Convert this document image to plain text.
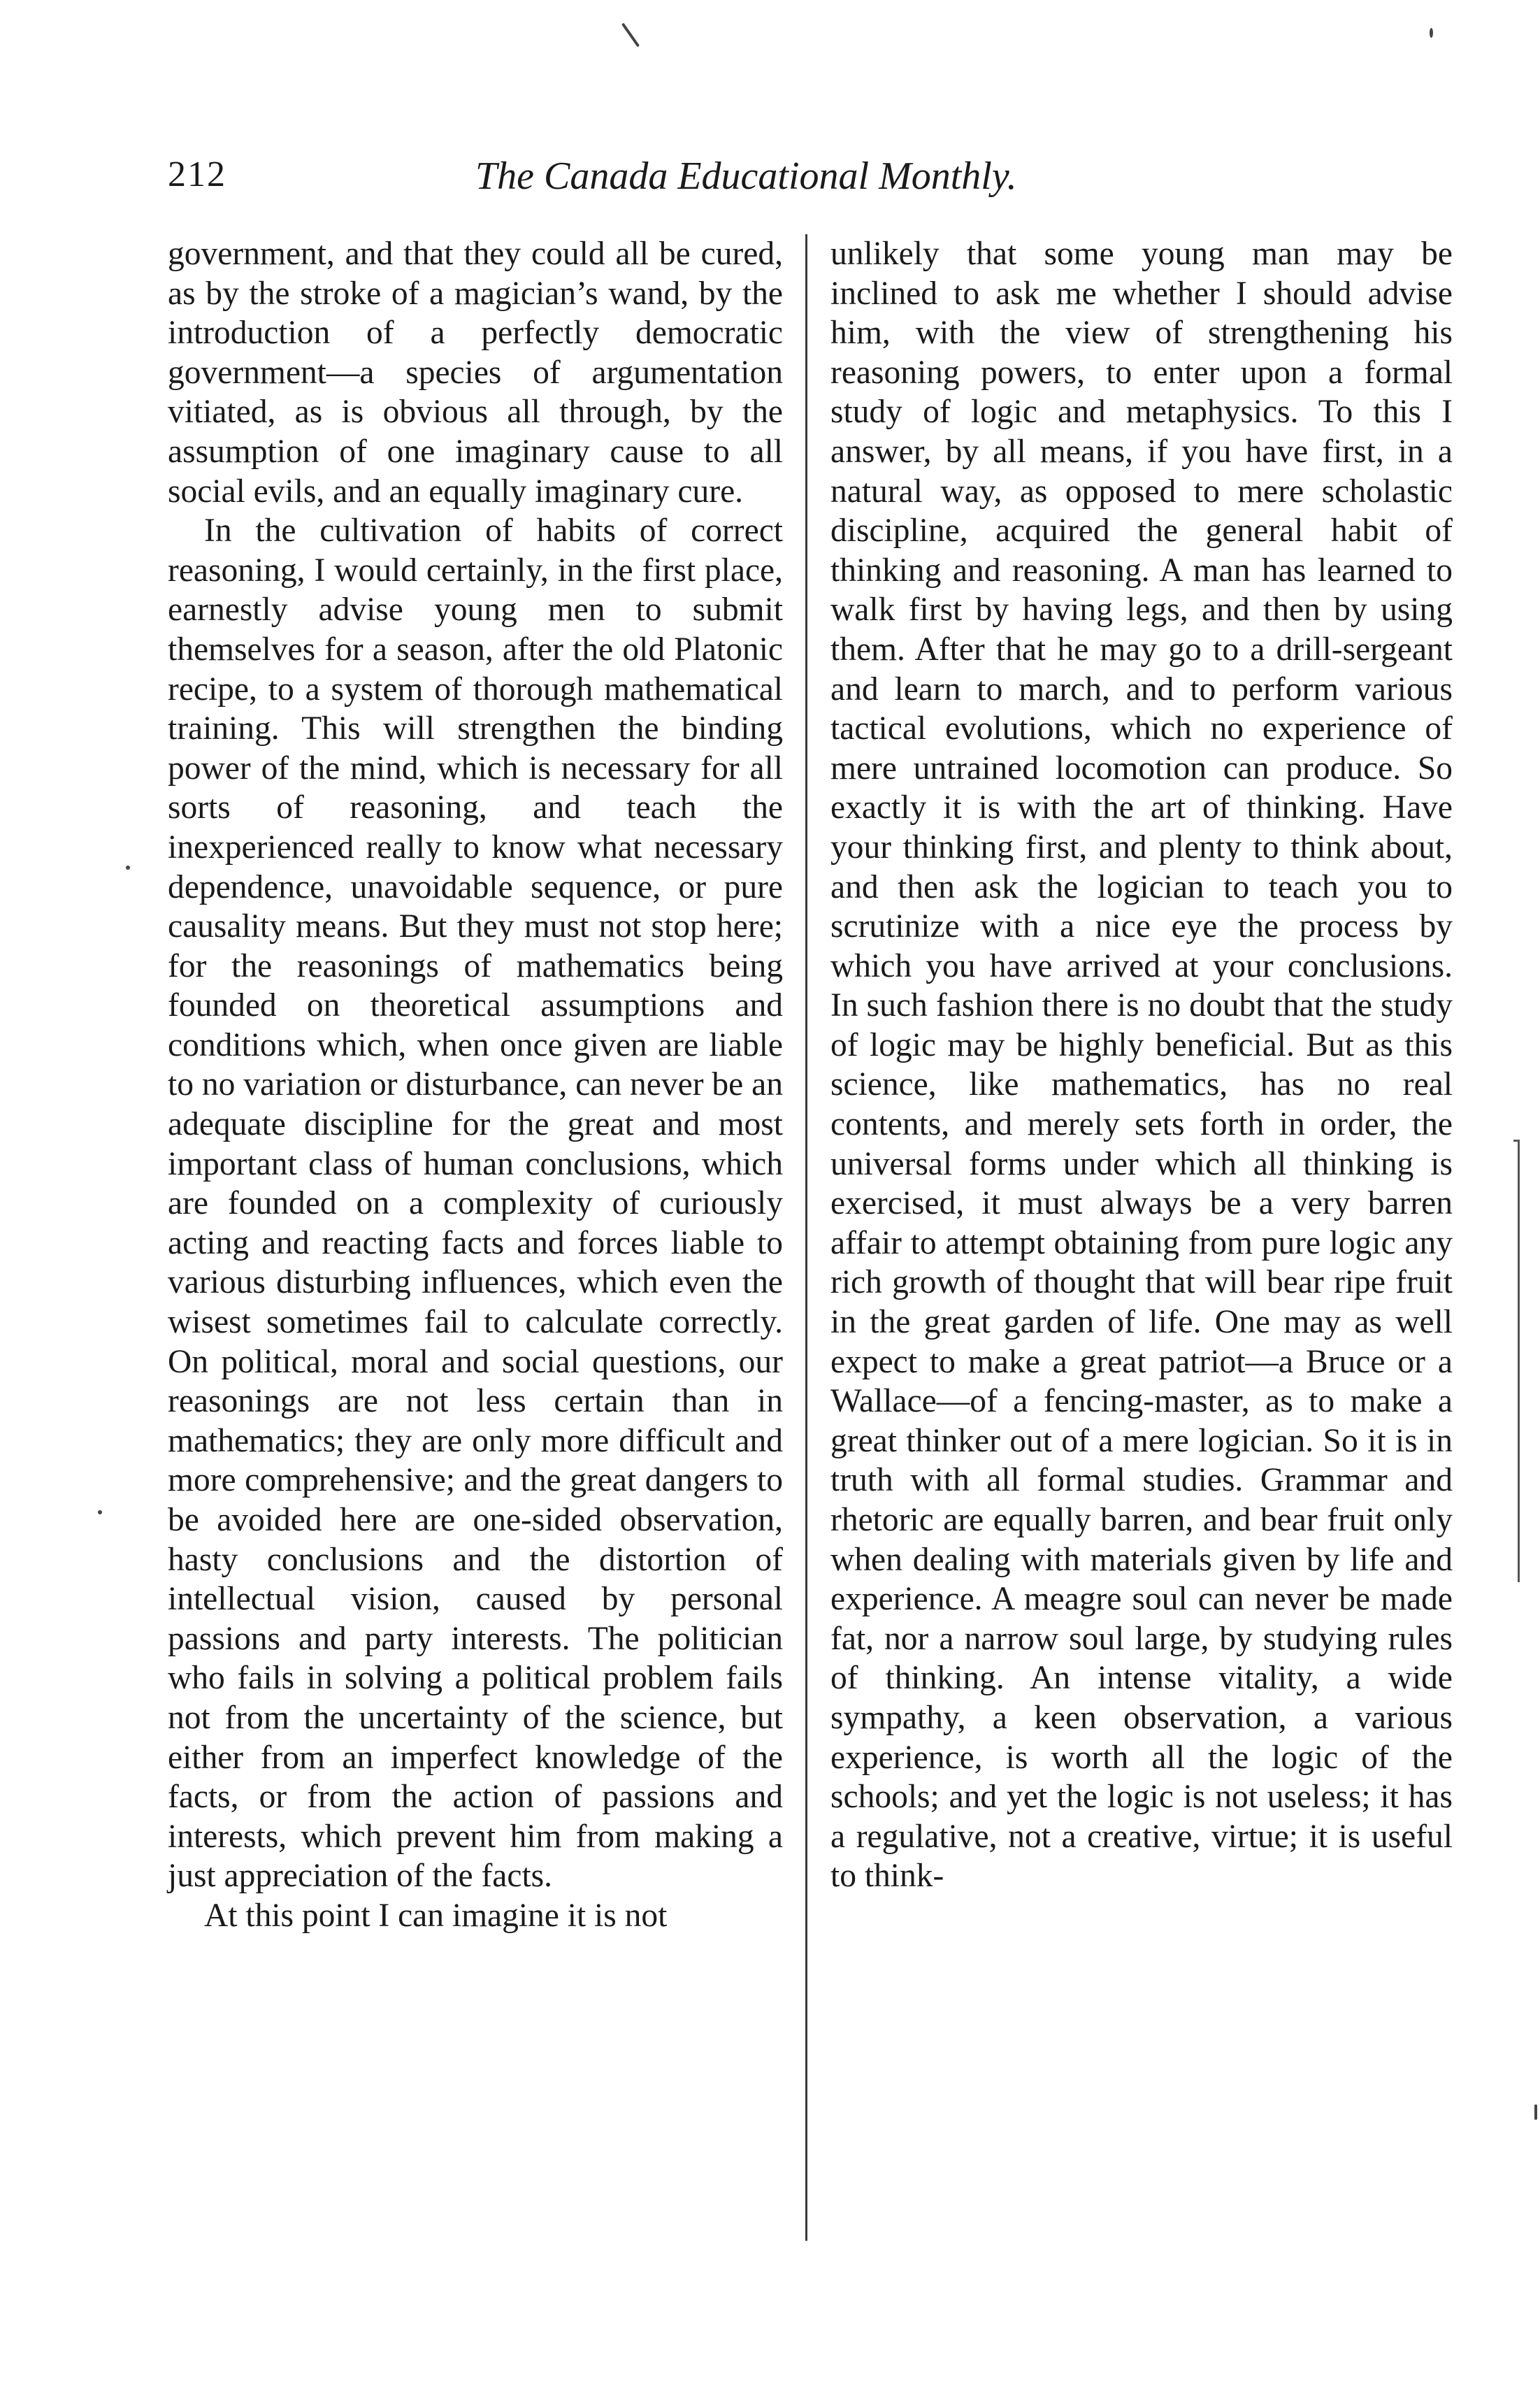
212	The Canada Educational Monthly.

government, and that they could all be cured, as by the stroke of a magician’s wand, by the introduction of a perfectly democratic government—a species of argumentation vitiated, as is obvious all through, by the assumption of one imaginary cause to all social evils, and an equally imaginary cure.

In the cultivation of habits of correct reasoning, I would certainly, in the first place, earnestly advise young men to submit themselves for a season, after the old Platonic recipe, to a system of thorough mathematical training. This will strengthen the binding power of the mind, which is necessary for all sorts of reasoning, and teach the inexperienced really to know what necessary dependence, unavoidable sequence, or pure causality means. But they must not stop here; for the reasonings of mathematics being founded on theoretical assumptions and conditions which, when once given are liable to no variation or disturbance, can never be an adequate discipline for the great and most important class of human conclusions, which are founded on a complexity of curiously acting and reacting facts and forces liable to various disturbing influences, which even the wisest sometimes fail to calculate correctly. On political, moral and social questions, our reasonings are not less certain than in mathematics; they are only more difficult and more comprehensive; and the great dangers to be avoided here are one-sided observation, hasty conclusions and the distortion of intellectual vision, caused by personal passions and party interests. The politician who fails in solving a political problem fails not from the uncertainty of the science, but either from an imperfect knowledge of the facts, or from the action of passions and interests, which prevent him from making a just appreciation of the facts.

At this point I can imagine it is not

unlikely that some young man may be inclined to ask me whether I should advise him, with the view of strengthening his reasoning powers, to enter upon a formal study of logic and metaphysics. To this I answer, by all means, if you have first, in a natural way, as opposed to mere scholastic discipline, acquired the general habit of thinking and reasoning. A man has learned to walk first by having legs, and then by using them. After that he may go to a drill-sergeant and learn to march, and to perform various tactical evolutions, which no experience of mere untrained locomotion can produce. So exactly it is with the art of thinking. Have your thinking first, and plenty to think about, and then ask the logician to teach you to scrutinize with a nice eye the process by which you have arrived at your conclusions. In such fashion there is no doubt that the study of logic may be highly beneficial. But as this science, like mathematics, has no real contents, and merely sets forth in order, the universal forms under which all thinking is exercised, it must always be a very barren affair to attempt obtaining from pure logic any rich growth of thought that will bear ripe fruit in the great garden of life. One may as well expect to make a great patriot—a Bruce or a Wallace—of a fencing-master, as to make a great thinker out of a mere logician. So it is in truth with all formal studies. Grammar and rhetoric are equally barren, and bear fruit only when dealing with materials given by life and experience. A meagre soul can never be made fat, nor a narrow soul large, by studying rules of thinking. An intense vitality, a wide sympathy, a keen observation, a various experience, is worth all the logic of the schools; and yet the logic is not useless; it has a regulative, not a creative, virtue; it is useful to think-
